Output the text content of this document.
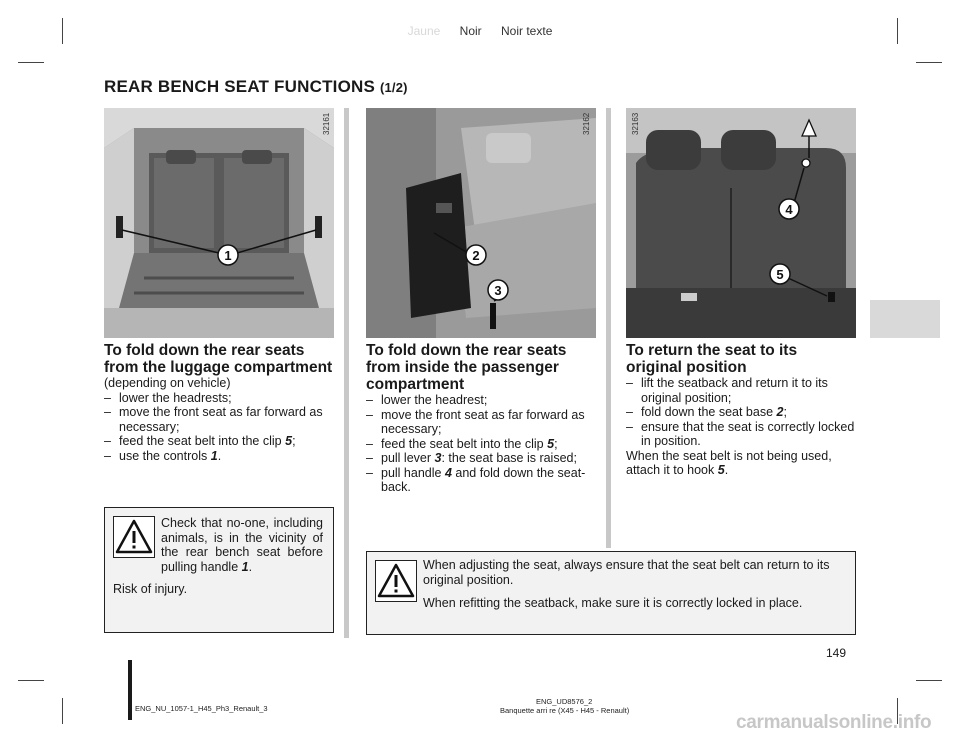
Jaune Noir Noir texte
REAR BENCH SEAT FUNCTIONS (1/2)
1
32161
2
3
32162
4
5
32163
To fold down the rear seats from the luggage compartment
(depending on vehicle)
– lower the headrests;
– move the front seat as far forward as necessary;
– feed the seat belt into the clip 5;
– use the controls 1.
To fold down the rear seats from inside the passenger compartment
– lower the headrest;
– move the front seat as far forward as necessary;
– feed the seat belt into the clip 5;
– pull lever 3: the seat base is raised;
– pull handle 4 and fold down the seat-back.
To return the seat to its original position
– lift the seatback and return it to its original position;
– fold down the seat base 2;
– ensure that the seat is correctly locked in position.

When the seat belt is not being used, attach it to hook 5.

Check that no-one, including animals, is in the vicinity of the rear bench seat before pulling handle 1.
Risk of injury.
When adjusting the seat, always ensure that the seat belt can return to its original position.
When refitting the seatback, make sure it is correctly locked in place.
149
ENG_NU_1057-1_H45_Ph3_Renault_3
ENG_UD8576_2
Banquette arri re (X45 - H45 - Renault)
carmanualsonline.info
